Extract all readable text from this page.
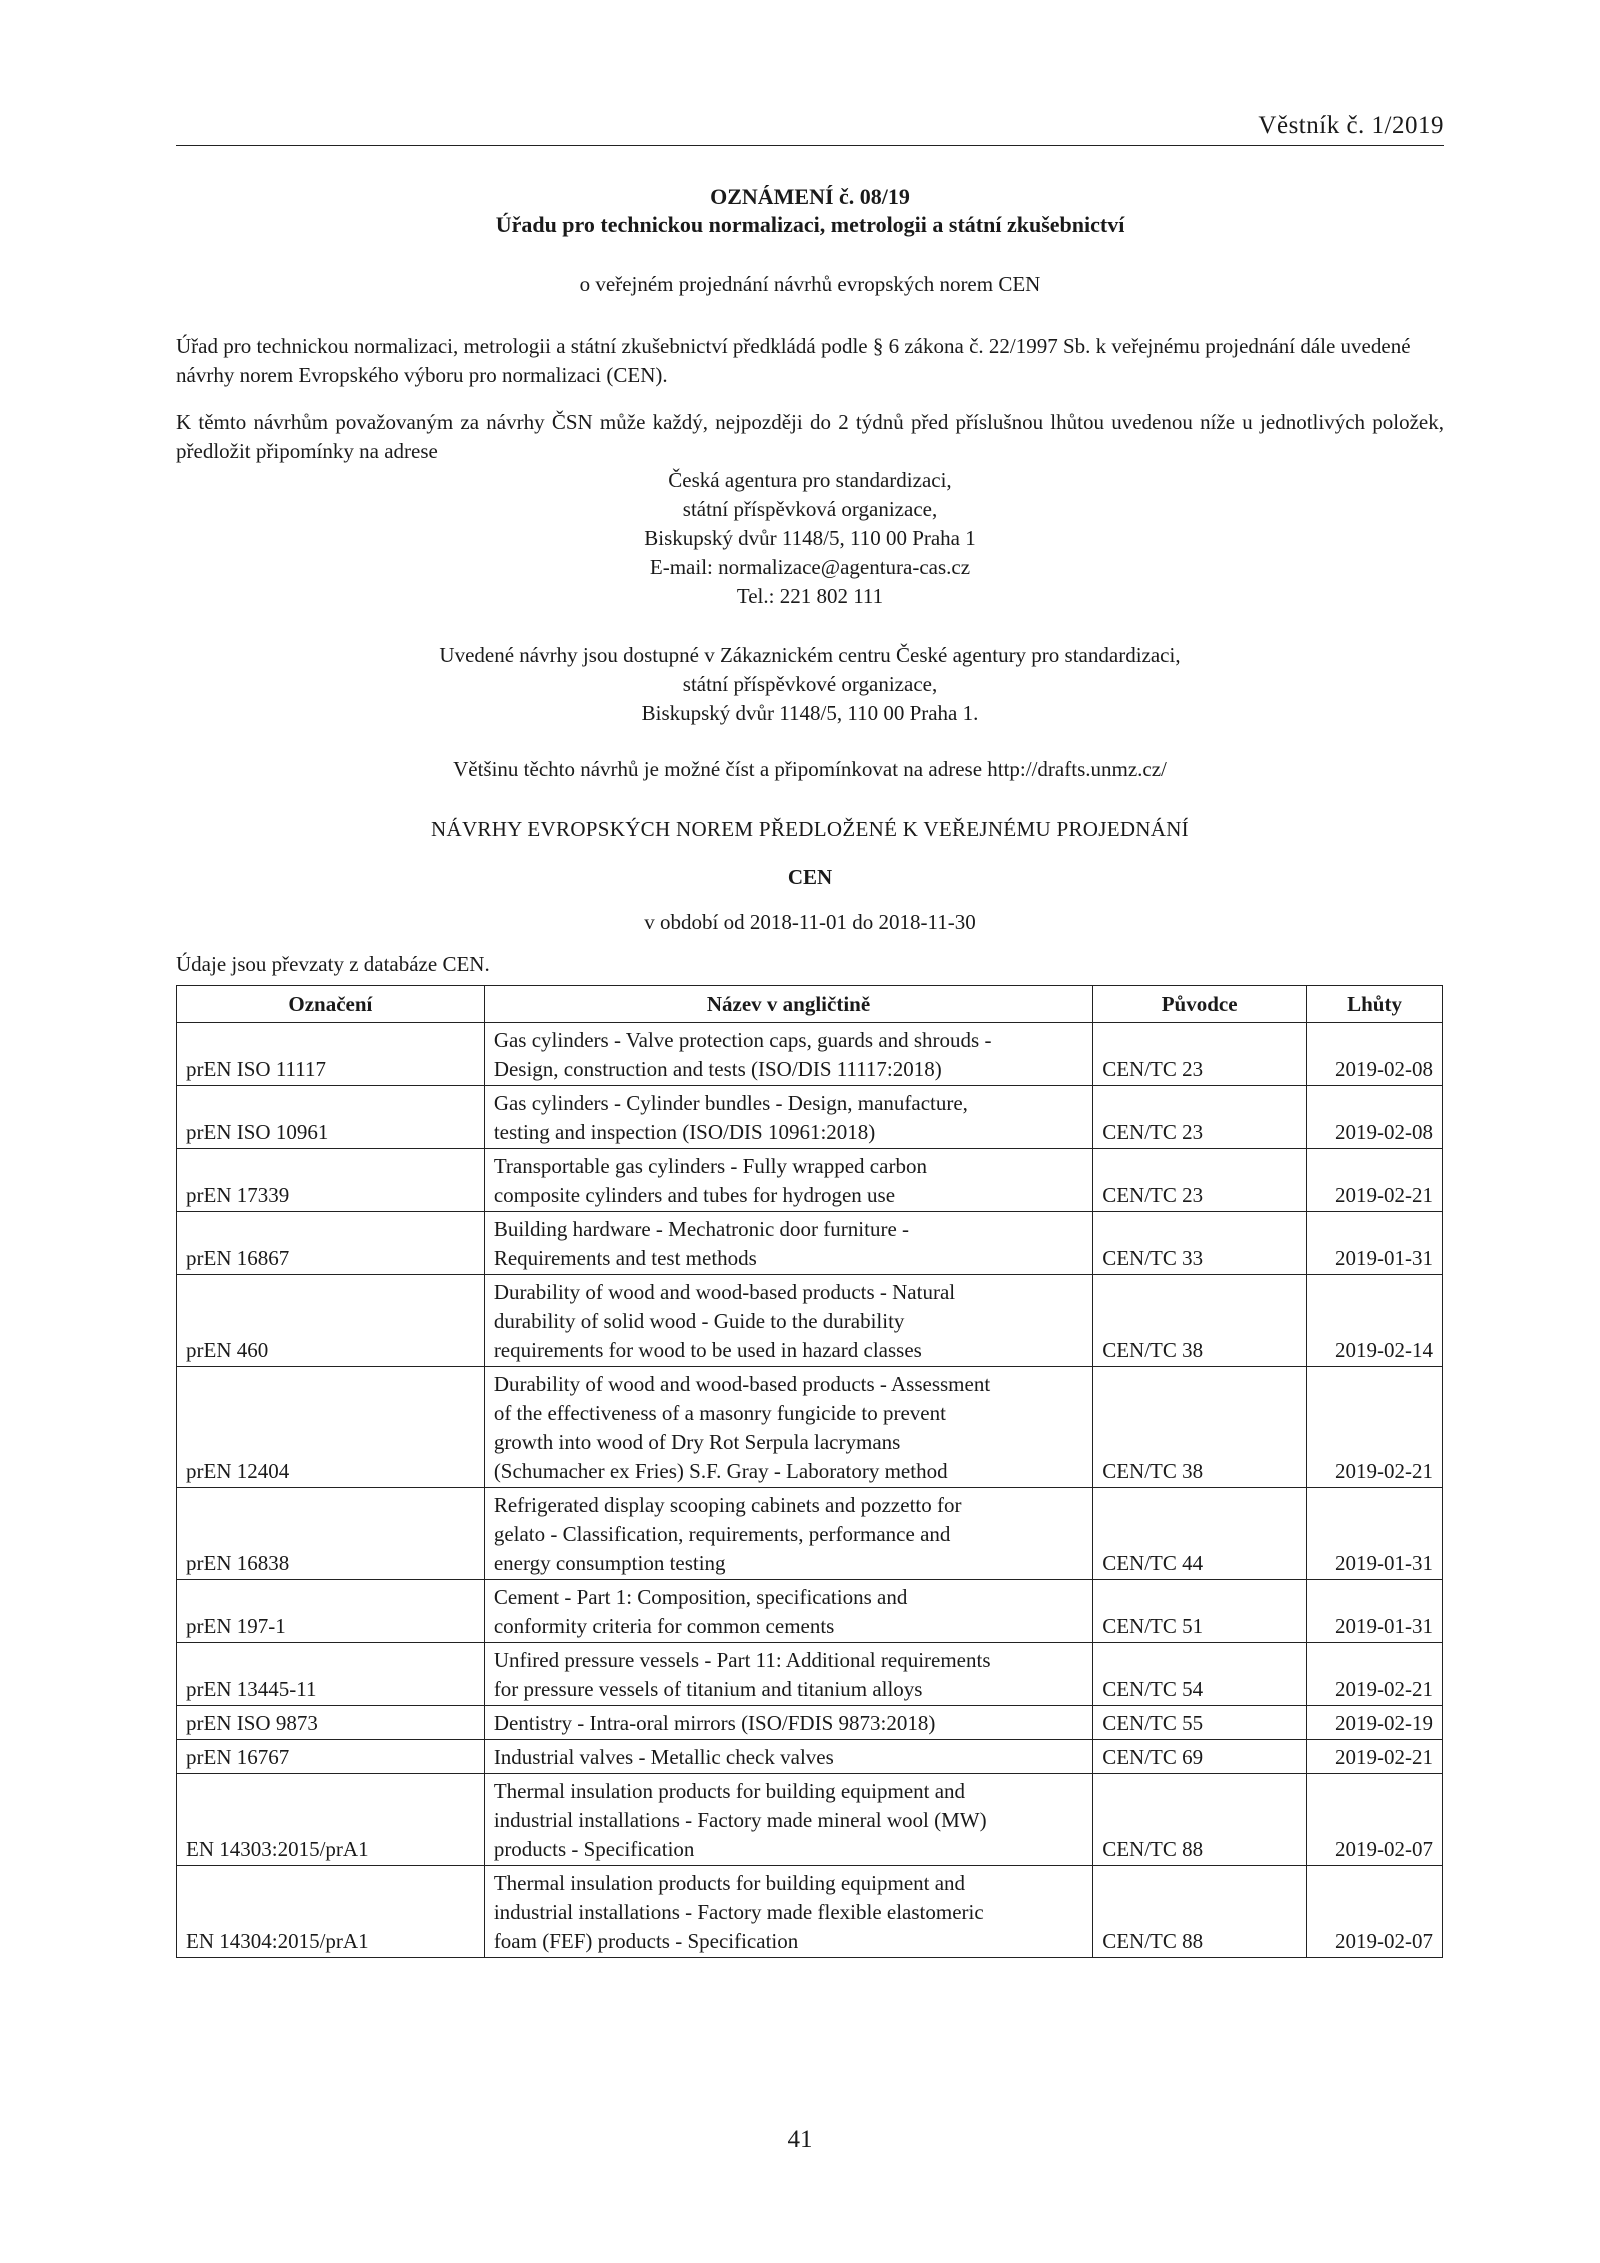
Věstník č. 1/2019
OZNÁMENÍ č. 08/19
Úřadu pro technickou normalizaci, metrologii a státní zkušebnictví
o veřejném projednání návrhů evropských norem CEN
Úřad pro technickou normalizaci, metrologii a státní zkušebnictví předkládá podle § 6 zákona č. 22/1997 Sb. k veřejnému projednání dále uvedené návrhy norem Evropského výboru pro normalizaci (CEN).
K těmto návrhům považovaným za návrhy ČSN může každý, nejpozději do 2 týdnů před příslušnou lhůtou uvedenou níže u jednotlivých položek, předložit připomínky na adrese
Česká agentura pro standardizaci,
státní příspěvková organizace,
Biskupský dvůr 1148/5, 110 00 Praha 1
E-mail: normalizace@agentura-cas.cz
Tel.: 221 802 111
Uvedené návrhy jsou dostupné v Zákaznickém centru České agentury pro standardizaci,
státní příspěvkové organizace,
Biskupský dvůr 1148/5, 110 00 Praha 1.
Většinu těchto návrhů je možné číst a připomínkovat na adrese http://drafts.unmz.cz/
NÁVRHY EVROPSKÝCH NOREM PŘEDLOŽENÉ K VEŘEJNÉMU PROJEDNÁNÍ
CEN
v období od 2018-11-01 do 2018-11-30
Údaje jsou převzaty z databáze CEN.
Označení	Název v angličtině	Původce	Lhůty
prEN ISO 11117	Gas cylinders - Valve protection caps, guards and shrouds -
Design, construction and tests (ISO/DIS 11117:2018)	CEN/TC 23	2019-02-08
prEN ISO 10961	Gas cylinders - Cylinder bundles - Design, manufacture,
testing and inspection (ISO/DIS 10961:2018)	CEN/TC 23	2019-02-08
prEN 17339	Transportable gas cylinders - Fully wrapped carbon
composite cylinders and tubes for hydrogen use	CEN/TC 23	2019-02-21
prEN 16867	Building hardware - Mechatronic door furniture -
Requirements and test methods	CEN/TC 33	2019-01-31
prEN 460	Durability of wood and wood-based products - Natural
durability of solid wood - Guide to the durability
requirements for wood to be used in hazard classes	CEN/TC 38	2019-02-14
prEN 12404	Durability of wood and wood-based products - Assessment
of the effectiveness of a masonry fungicide to prevent
growth into wood of Dry Rot Serpula lacrymans
(Schumacher ex Fries) S.F. Gray - Laboratory method	CEN/TC 38	2019-02-21
prEN 16838	Refrigerated display scooping cabinets and pozzetto for
gelato - Classification, requirements, performance and
energy consumption testing	CEN/TC 44	2019-01-31
prEN 197-1	Cement - Part 1: Composition, specifications and
conformity criteria for common cements	CEN/TC 51	2019-01-31
prEN 13445-11	Unfired pressure vessels - Part 11: Additional requirements
for pressure vessels of titanium and titanium alloys	CEN/TC 54	2019-02-21
prEN ISO 9873	Dentistry - Intra-oral mirrors (ISO/FDIS 9873:2018)	CEN/TC 55	2019-02-19
prEN 16767	Industrial valves - Metallic check valves	CEN/TC 69	2019-02-21
EN 14303:2015/prA1	Thermal insulation products for building equipment and
industrial installations - Factory made mineral wool (MW)
products - Specification	CEN/TC 88	2019-02-07
EN 14304:2015/prA1	Thermal insulation products for building equipment and
industrial installations - Factory made flexible elastomeric
foam (FEF) products - Specification	CEN/TC 88	2019-02-07
41
